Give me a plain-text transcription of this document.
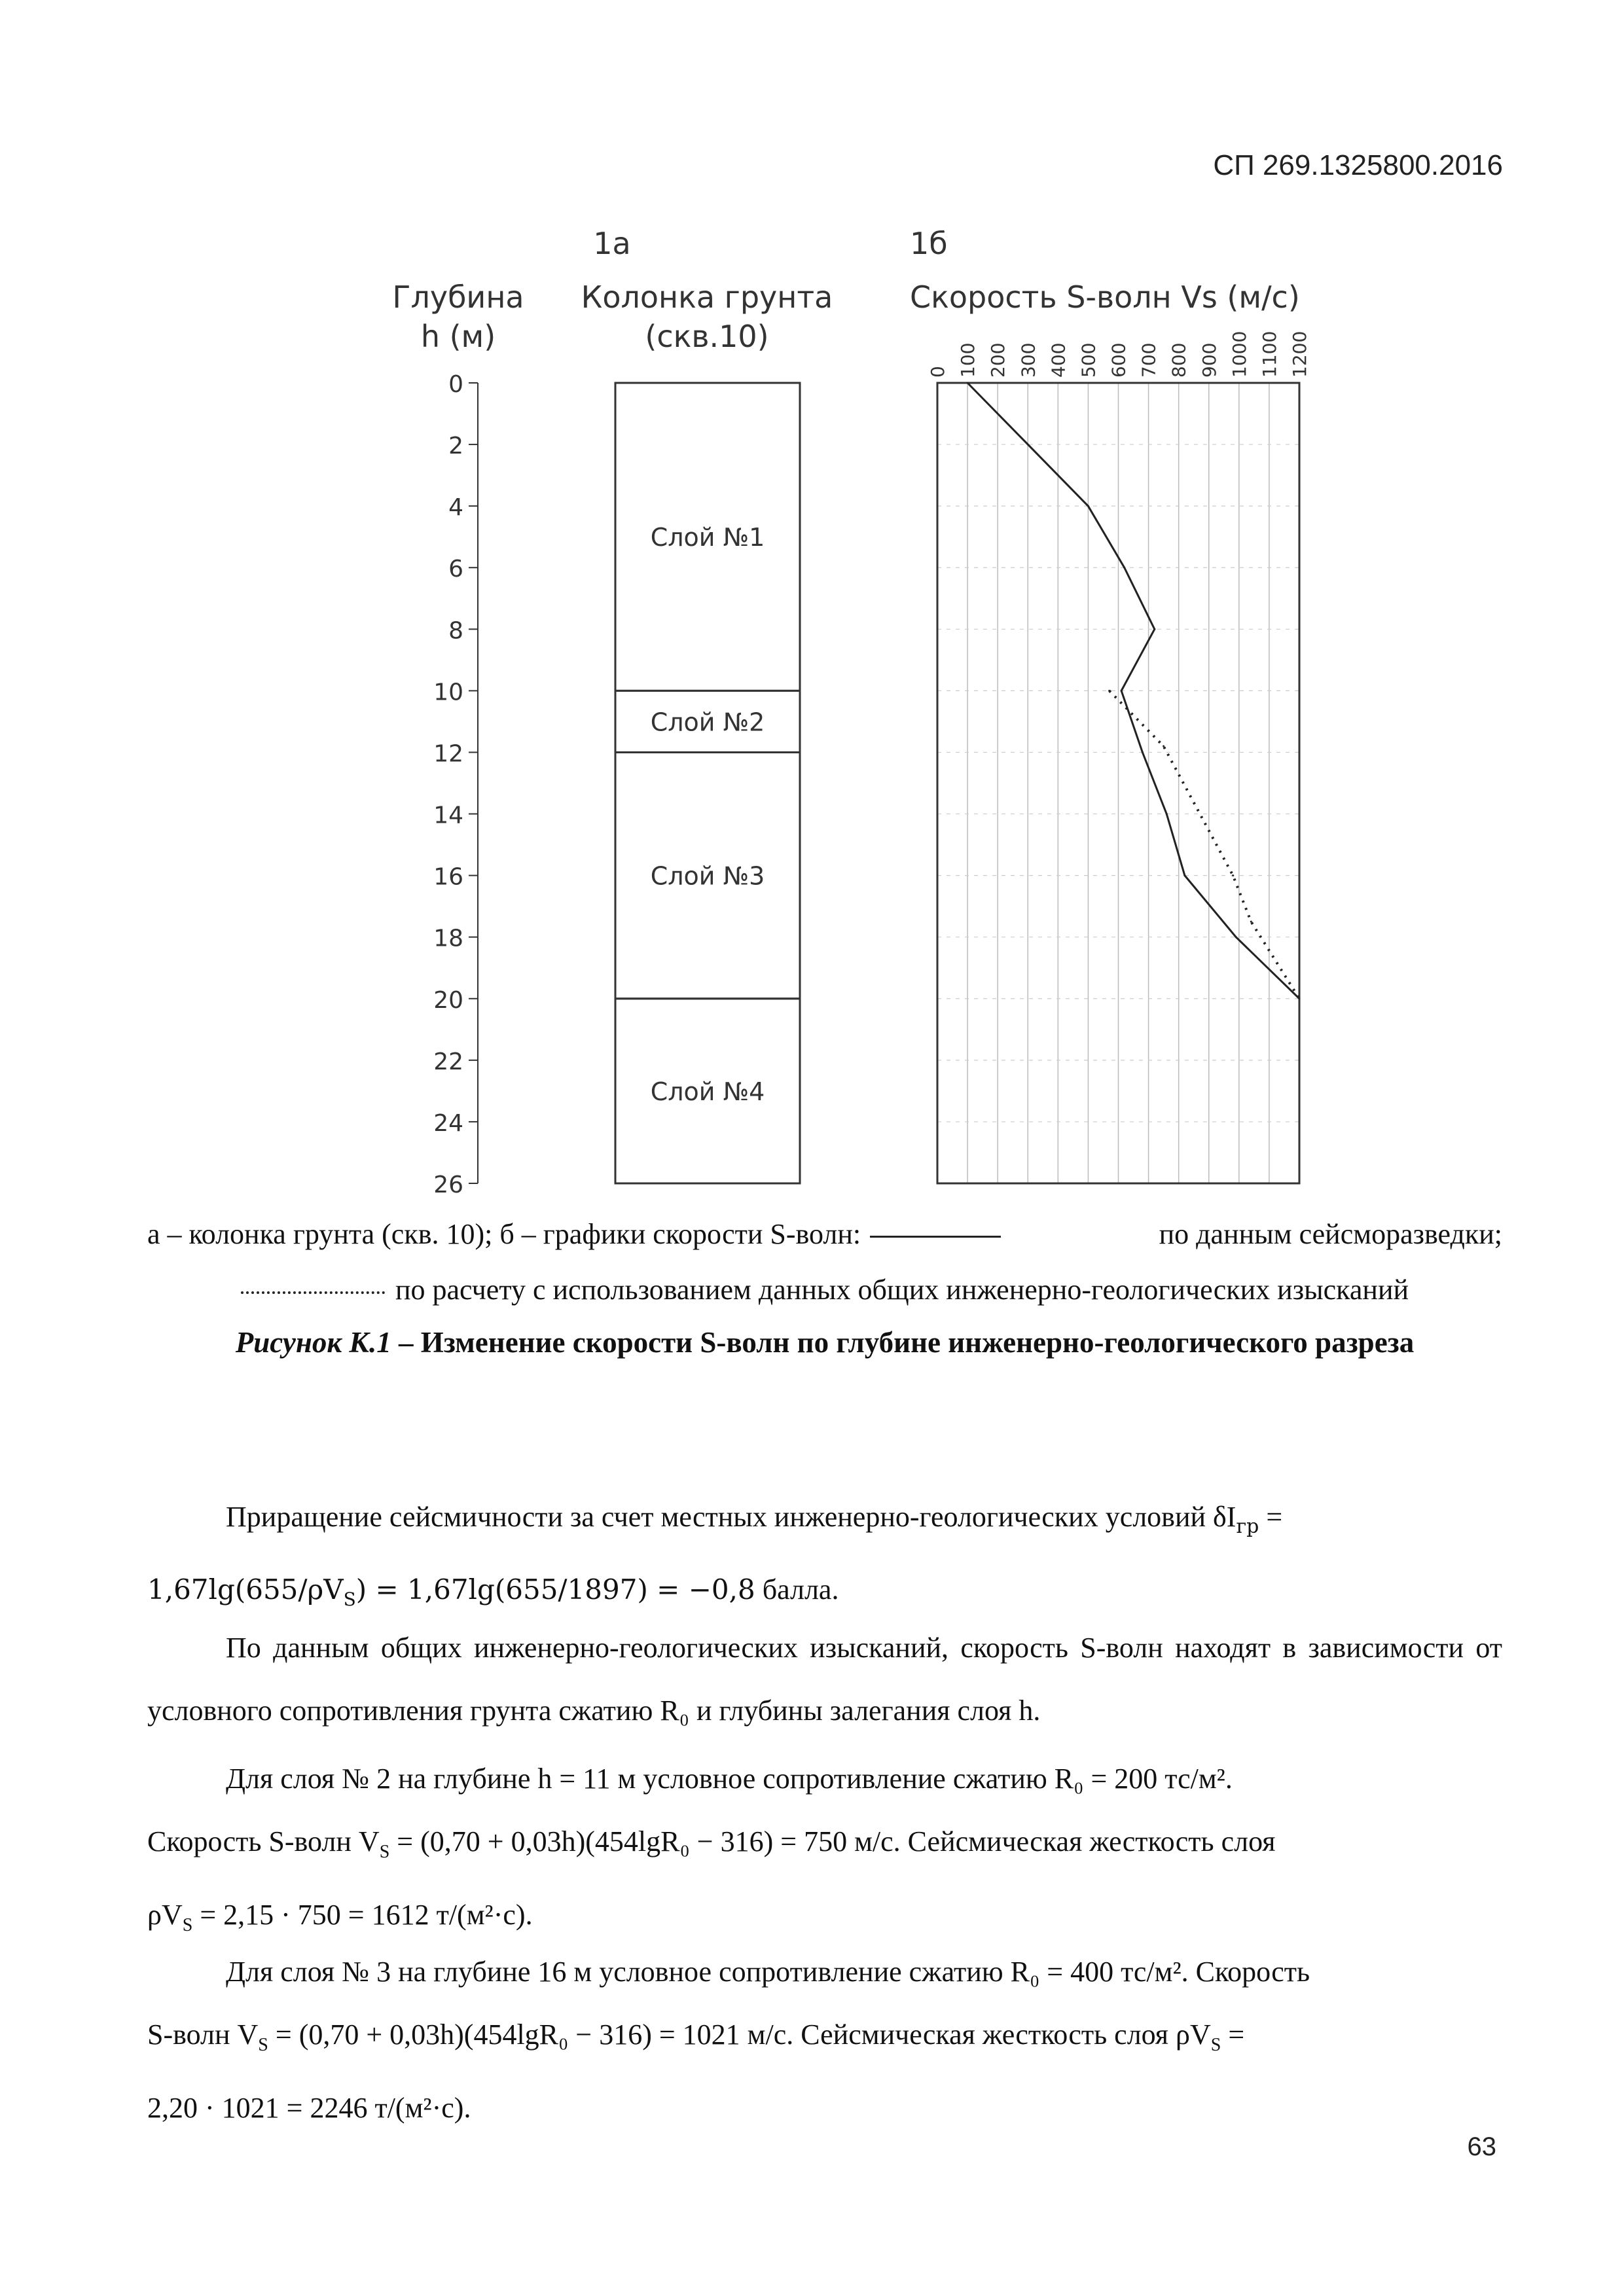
СП 269.1325800.2016
Глубина
h (м)
0
2
4
6
8
10
12
14
16
18
20
22
24
26
1а
Колонка грунта
(скв.10)
Слой №1
Слой №2
Слой №3
Слой №4
1б
Скорость S-волн Vs (м/с)
0 100 200 300 400 500 600 700 800 900 1000 1100 1200
а – колонка грунта (скв. 10); б – графики скорости S-волн:	по данным сейсморазведки;
по расчету с использованием данных общих инженерно-геологических изысканий
Рисунок К.1 – Изменение скорости S-волн по глубине инженерно-геологического разреза

Приращение сейсмичности за счет местных инженерно-геологических условий $\delta I_{гр}$ =

$1,67\lg(655/\rho V_S) = 1,67\lg(655/1897) = -0,8$ балла.

По данным общих инженерно-геологических изысканий, скорость S-волн находят в зависимости от условного сопротивления грунта сжатию R₀ и глубины залегания слоя h.

Для слоя № 2 на глубине h = 11 м условное сопротивление сжатию R₀ = 200 тс/м².

Скорость S-волн $V_S = (0,70 + 0,03h)(454\lg R_0 - 316) = 750$ м/с. Сейсмическая жесткость слоя

$\rho V_S = 2,15 \cdot 750 = 1612$ т/(м²·с).

Для слоя № 3 на глубине 16 м условное сопротивление сжатию R₀ = 400 тс/м². Скорость

S-волн $V_S = (0,70 + 0,03h)(454\lg R_0 - 316) = 1021$ м/с. Сейсмическая жесткость слоя $\rho V_S$ =

2,20 · 1021 = 2246 т/(м²·с).

63
